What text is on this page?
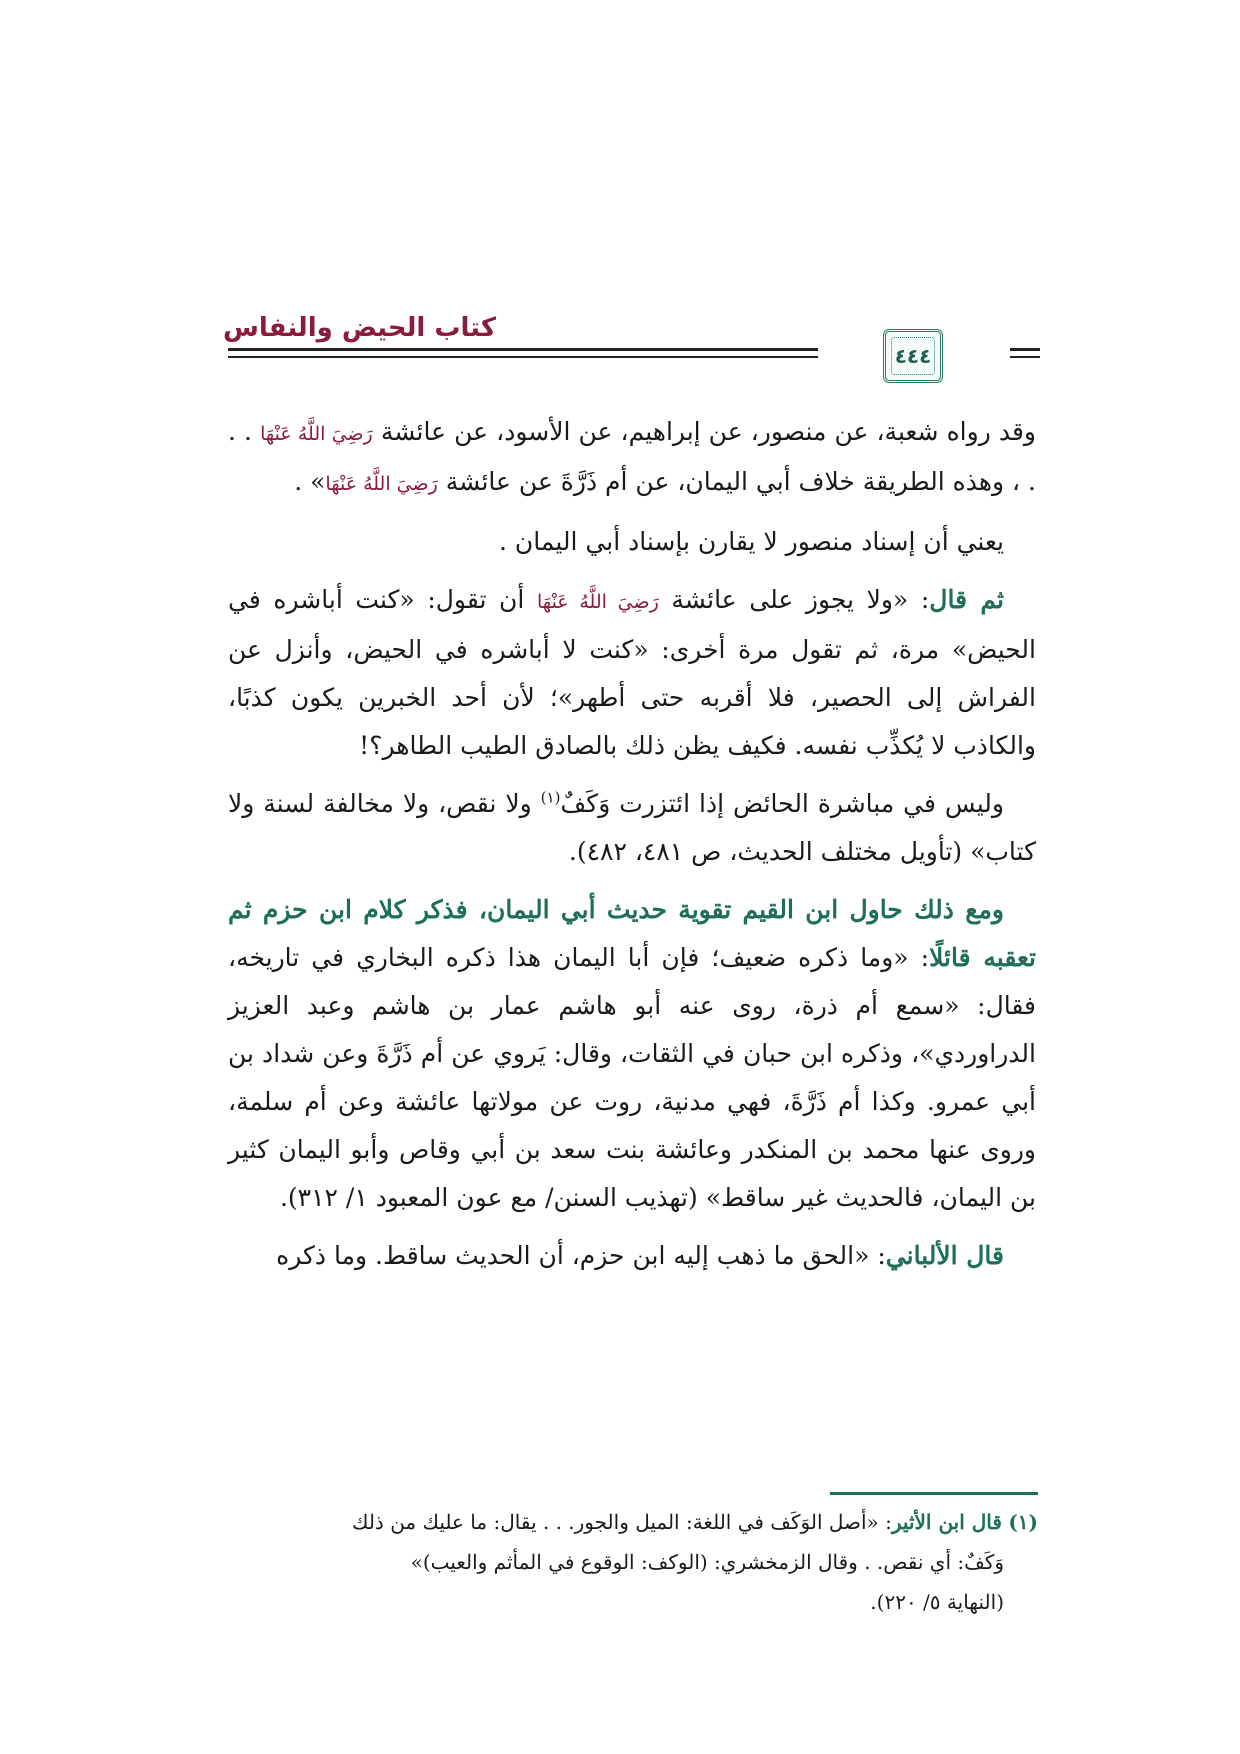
كتاب الحيض والنفاس
٤٤٤

وقد رواه شعبة، عن منصور، عن إبراهيم، عن الأسود، عن عائشة رَضِيَ اللَّهُ عَنْهَا . . . ، وهذه الطريقة خلاف أبي اليمان، عن أم ذَرَّةَ عن عائشة رَضِيَ اللَّهُ عَنْهَا» .

يعني أن إسناد منصور لا يقارن بإسناد أبي اليمان .

ثم قال: «ولا يجوز على عائشة رَضِيَ اللَّهُ عَنْهَا أن تقول: «كنت أباشره في الحيض» مرة، ثم تقول مرة أخرى: «كنت لا أباشره في الحيض، وأنزل عن الفراش إلى الحصير، فلا أقربه حتى أطهر»؛ لأن أحد الخبرين يكون كذبًا، والكاذب لا يُكذِّب نفسه. فكيف يظن ذلك بالصادق الطيب الطاهر؟!

وليس في مباشرة الحائض إذا ائتزرت وَكَفٌ$^{(١)}$ ولا نقص، ولا مخالفة لسنة ولا كتاب» (تأويل مختلف الحديث، ص ٤٨١، ٤٨٢).

ومع ذلك حاول ابن القيم تقوية حديث أبي اليمان، فذكر كلام ابن حزم ثم تعقبه قائلًا: «وما ذكره ضعيف؛ فإن أبا اليمان هذا ذكره البخاري في تاريخه، فقال: «سمع أم ذرة، روى عنه أبو هاشم عمار بن هاشم وعبد العزيز الدراوردي»، وذكره ابن حبان في الثقات، وقال: يَروي عن أم ذَرَّةَ وعن شداد بن أبي عمرو. وكذا أم ذَرَّةَ، فهي مدنية، روت عن مولاتها عائشة وعن أم سلمة، وروى عنها محمد بن المنكدر وعائشة بنت سعد بن أبي وقاص وأبو اليمان كثير بن اليمان، فالحديث غير ساقط» (تهذيب السنن/ مع عون المعبود ١/ ٣١٢).

قال الألباني: «الحق ما ذهب إليه ابن حزم، أن الحديث ساقط. وما ذكره

(١) قال ابن الأثير: «أصل الوَكَف في اللغة: الميل والجور. . . يقال: ما عليك من ذلك

وَكَفٌ: أي نقص. . وقال الزمخشري: (الوكف: الوقوع في المأثم والعيب)»

(النهاية ٥/ ٢٢٠).
